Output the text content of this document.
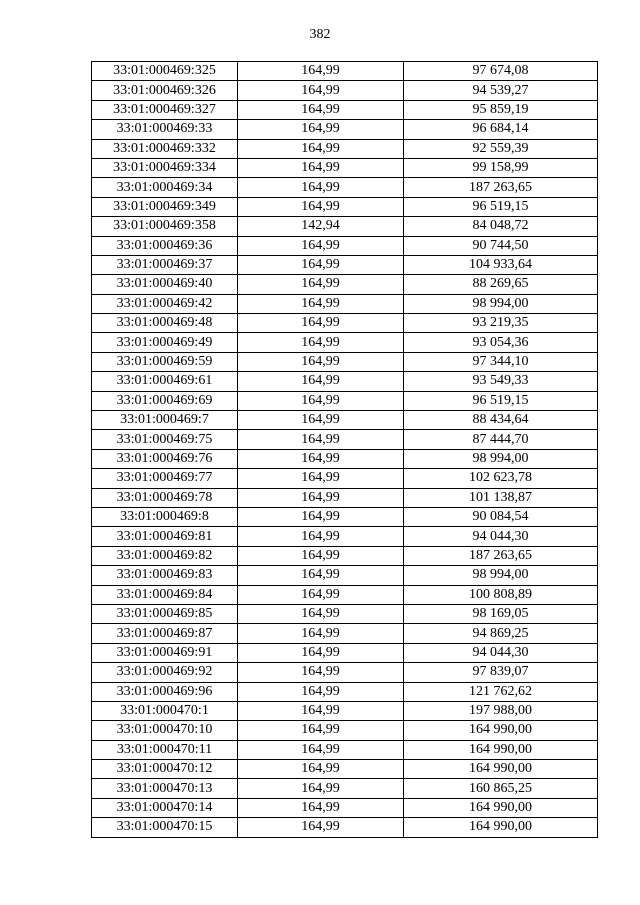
382
33:01:000469:325	164,99	97 674,08
33:01:000469:326	164,99	94 539,27
33:01:000469:327	164,99	95 859,19
33:01:000469:33	164,99	96 684,14
33:01:000469:332	164,99	92 559,39
33:01:000469:334	164,99	99 158,99
33:01:000469:34	164,99	187 263,65
33:01:000469:349	164,99	96 519,15
33:01:000469:358	142,94	84 048,72
33:01:000469:36	164,99	90 744,50
33:01:000469:37	164,99	104 933,64
33:01:000469:40	164,99	88 269,65
33:01:000469:42	164,99	98 994,00
33:01:000469:48	164,99	93 219,35
33:01:000469:49	164,99	93 054,36
33:01:000469:59	164,99	97 344,10
33:01:000469:61	164,99	93 549,33
33:01:000469:69	164,99	96 519,15
33:01:000469:7	164,99	88 434,64
33:01:000469:75	164,99	87 444,70
33:01:000469:76	164,99	98 994,00
33:01:000469:77	164,99	102 623,78
33:01:000469:78	164,99	101 138,87
33:01:000469:8	164,99	90 084,54
33:01:000469:81	164,99	94 044,30
33:01:000469:82	164,99	187 263,65
33:01:000469:83	164,99	98 994,00
33:01:000469:84	164,99	100 808,89
33:01:000469:85	164,99	98 169,05
33:01:000469:87	164,99	94 869,25
33:01:000469:91	164,99	94 044,30
33:01:000469:92	164,99	97 839,07
33:01:000469:96	164,99	121 762,62
33:01:000470:1	164,99	197 988,00
33:01:000470:10	164,99	164 990,00
33:01:000470:11	164,99	164 990,00
33:01:000470:12	164,99	164 990,00
33:01:000470:13	164,99	160 865,25
33:01:000470:14	164,99	164 990,00
33:01:000470:15	164,99	164 990,00
